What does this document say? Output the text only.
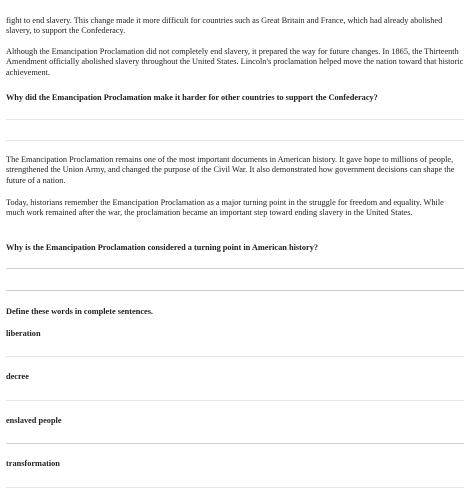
fight to end slavery. This change made it more difficult for countries such as Great Britain and France, which had already abolished slavery, to support the Confederacy.

Although the Emancipation Proclamation did not completely end slavery, it prepared the way for future changes. In 1865, the Thirteenth Amendment officially abolished slavery throughout the United States. Lincoln's proclamation helped move the nation toward that historic achievement.

Why did the Emancipation Proclamation make it harder for other countries to support the Confederacy?

The Emancipation Proclamation remains one of the most important documents in American history. It gave hope to millions of people, strengthened the Union Army, and changed the purpose of the Civil War. It also demonstrated how government decisions can shape the future of a nation.

Today, historians remember the Emancipation Proclamation as a major turning point in the struggle for freedom and equality. While much work remained after the war, the proclamation became an important step toward ending slavery in the United States.

Why is the Emancipation Proclamation considered a turning point in American history?

Define these words in complete sentences.

liberation

decree

enslaved people

transformation
